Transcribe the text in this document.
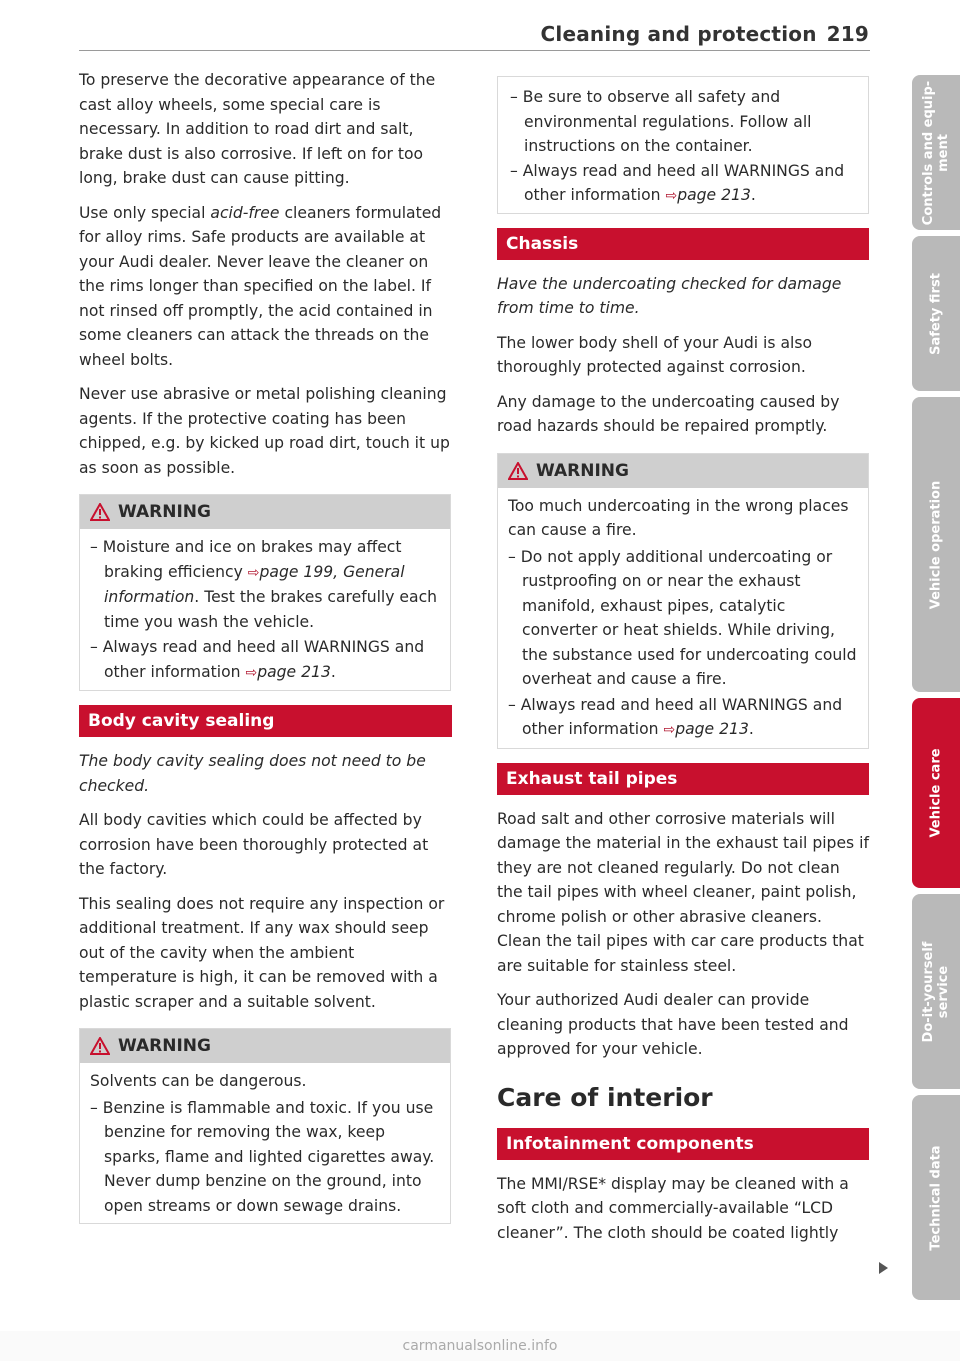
Cleaning and protection 219

To preserve the decorative appearance of the cast alloy wheels, some special care is necessary. In addition to road dirt and salt, brake dust is also corrosive. If left on for too long, brake dust can cause pitting.

Use only special acid-free cleaners formulated for alloy rims. Safe products are available at your Audi dealer. Never leave the cleaner on the rims longer than specified on the label. If not rinsed off promptly, the acid contained in some cleaners can attack the threads on the wheel bolts.

Never use abrasive or metal polishing cleaning agents. If the protective coating has been chipped, e.g. by kicked up road dirt, touch it up as soon as possible.

WARNING
– Moisture and ice on brakes may affect braking efficiency ⇨page 199, General information. Test the brakes carefully each time you wash the vehicle.
– Always read and heed all WARNINGS and other information ⇨page 213.
Body cavity sealing

The body cavity sealing does not need to be checked.

All body cavities which could be affected by corrosion have been thoroughly protected at the factory.

This sealing does not require any inspection or additional treatment. If any wax should seep out of the cavity when the ambient temperature is high, it can be removed with a plastic scraper and a suitable solvent.

WARNING

Solvents can be dangerous.

– Benzine is flammable and toxic. If you use benzine for removing the wax, keep sparks, flame and lighted cigarettes away. Never dump benzine on the ground, into open streams or down sewage drains.
– Be sure to observe all safety and environmental regulations. Follow all instructions on the container.
– Always read and heed all WARNINGS and other information ⇨page 213.
Chassis

Have the undercoating checked for damage from time to time.

The lower body shell of your Audi is also thoroughly protected against corrosion.

Any damage to the undercoating caused by road hazards should be repaired promptly.

WARNING

Too much undercoating in the wrong places can cause a fire.

– Do not apply additional undercoating or rustproofing on or near the exhaust manifold, exhaust pipes, catalytic converter or heat shields. While driving, the substance used for undercoating could overheat and cause a fire.
– Always read and heed all WARNINGS and other information ⇨page 213.
Exhaust tail pipes

Road salt and other corrosive materials will damage the material in the exhaust tail pipes if they are not cleaned regularly. Do not clean the tail pipes with wheel cleaner, paint polish, chrome polish or other abrasive cleaners. Clean the tail pipes with car care products that are suitable for stainless steel.

Your authorized Audi dealer can provide cleaning products that have been tested and approved for your vehicle.

Care of interior
Infotainment components

The MMI/RSE* display may be cleaned with a soft cloth and commercially-available “LCD cleaner”. The cloth should be coated lightly

Controls and equip-
ment
Safety first
Vehicle operation
Vehicle care
Do-it-yourself
service
Technical data
carmanualsonline.info
